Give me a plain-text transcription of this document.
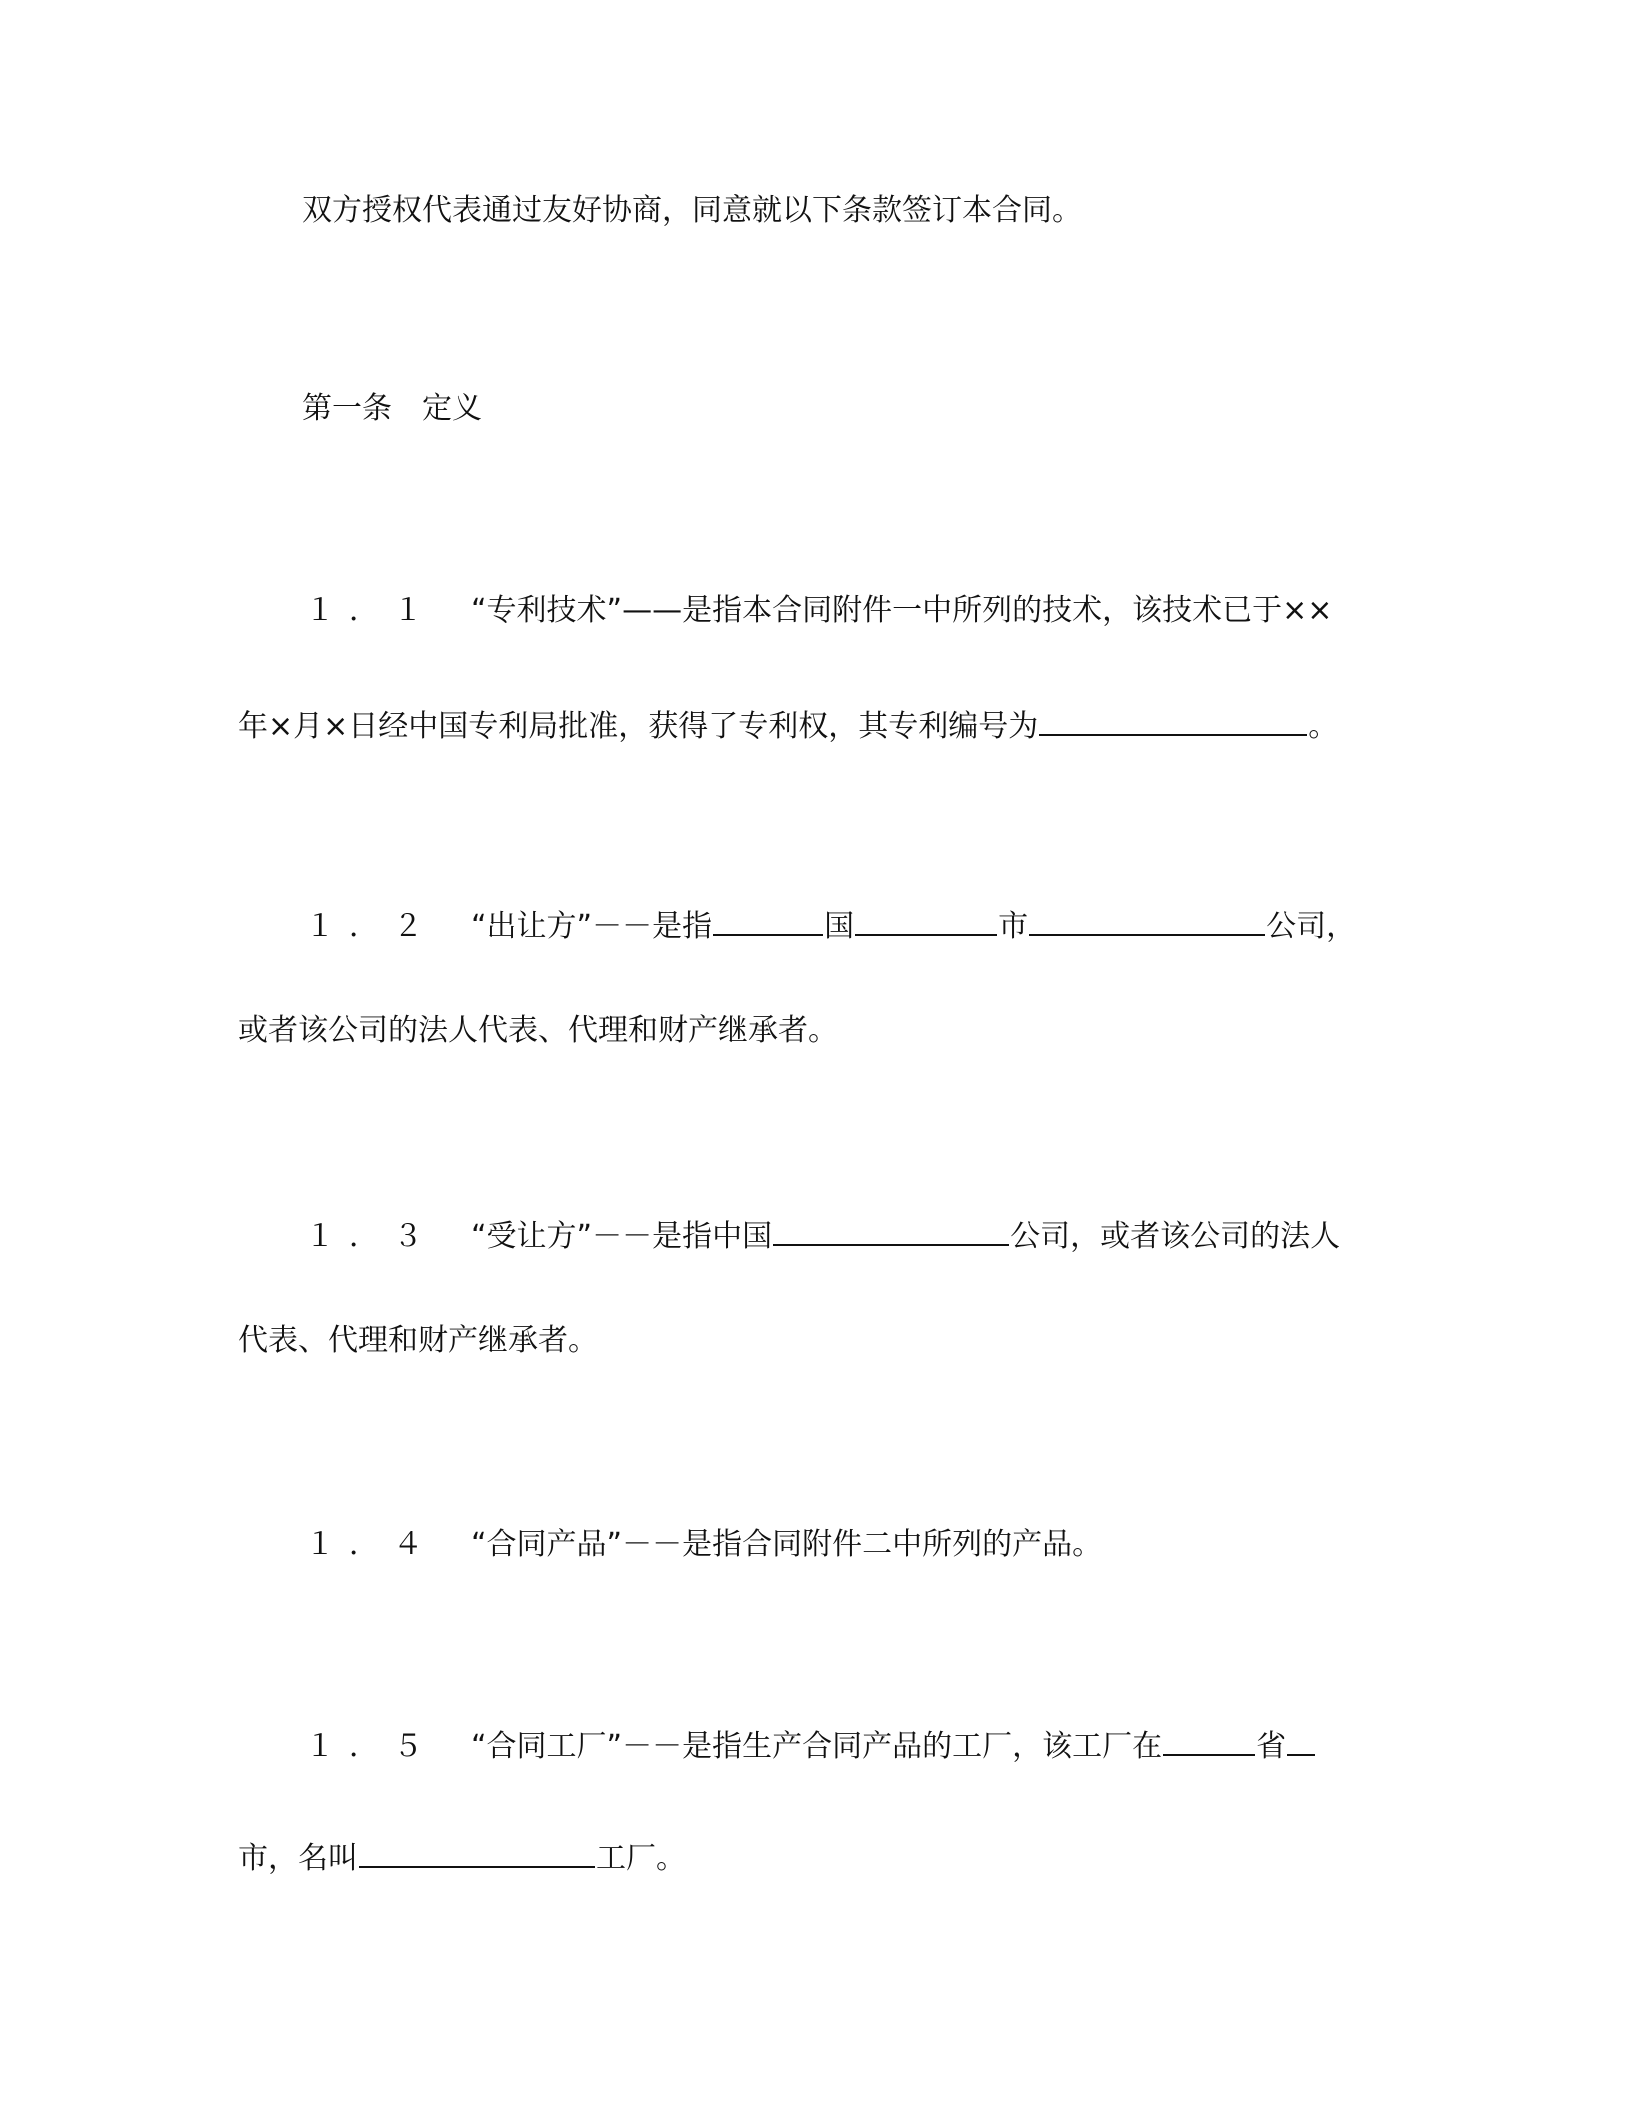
双方授权代表通过友好协商，同意就以下条款签订本合同。
第一条　定义
１．１ “专利技术”——是指本合同附件一中所列的技术，该技术已于××
年×月×日经中国专利局批准，获得了专利权，其专利编号为	。
１．２ “出让方”－－是指	国	市	公司，
或者该公司的法人代表、代理和财产继承者。
１．３ “受让方”－－是指中国	公司，或者该公司的法人
代表、代理和财产继承者。
１．４ “合同产品”－－是指合同附件二中所列的产品。
１．５ “合同工厂”－－是指生产合同产品的工厂，该工厂在	省
市，名叫	工厂。
